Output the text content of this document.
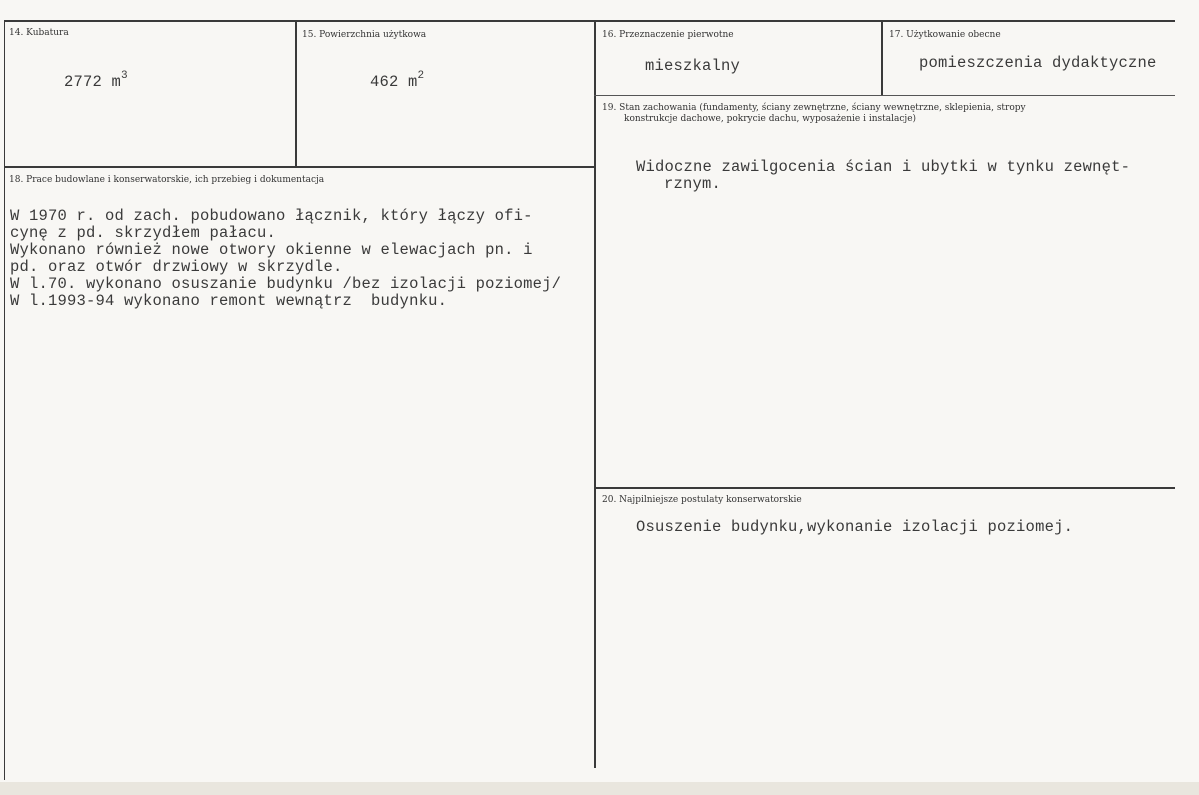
14. Kubatura
2772 $m^3$
15. Powierzchnia użytkowa
462 $m^2$
16. Przeznaczenie pierwotne
mieszkalny
17. Użytkowanie obecne
pomieszczenia dydaktyczne
18. Prace budowlane i konserwatorskie, ich przebieg i dokumentacja

W 1970 r. od zach. pobudowano łącznik, który łączy ofi-
cynę z pd. skrzydłem pałacu.
Wykonano również nowe otwory okienne w elewacjach pn. i
pd. oraz otwór drzwiowy w skrzydle.
W l.70. wykonano osuszanie budynku /bez izolacji poziomej/
W l.1993-94 wykonano remont wewnątrz  budynku.
19. Stan zachowania (fundamenty, ściany zewnętrzne, ściany wewnętrzne, sklepienia, stropy
konstrukcje dachowe, pokrycie dachu, wyposażenie i instalacje)

Widoczne zawilgocenia ścian i ubytki w tynku zewnęt-
rznym.
20. Najpilniejsze postulaty konserwatorskie
Osuszenie budynku,wykonanie izolacji poziomej.
